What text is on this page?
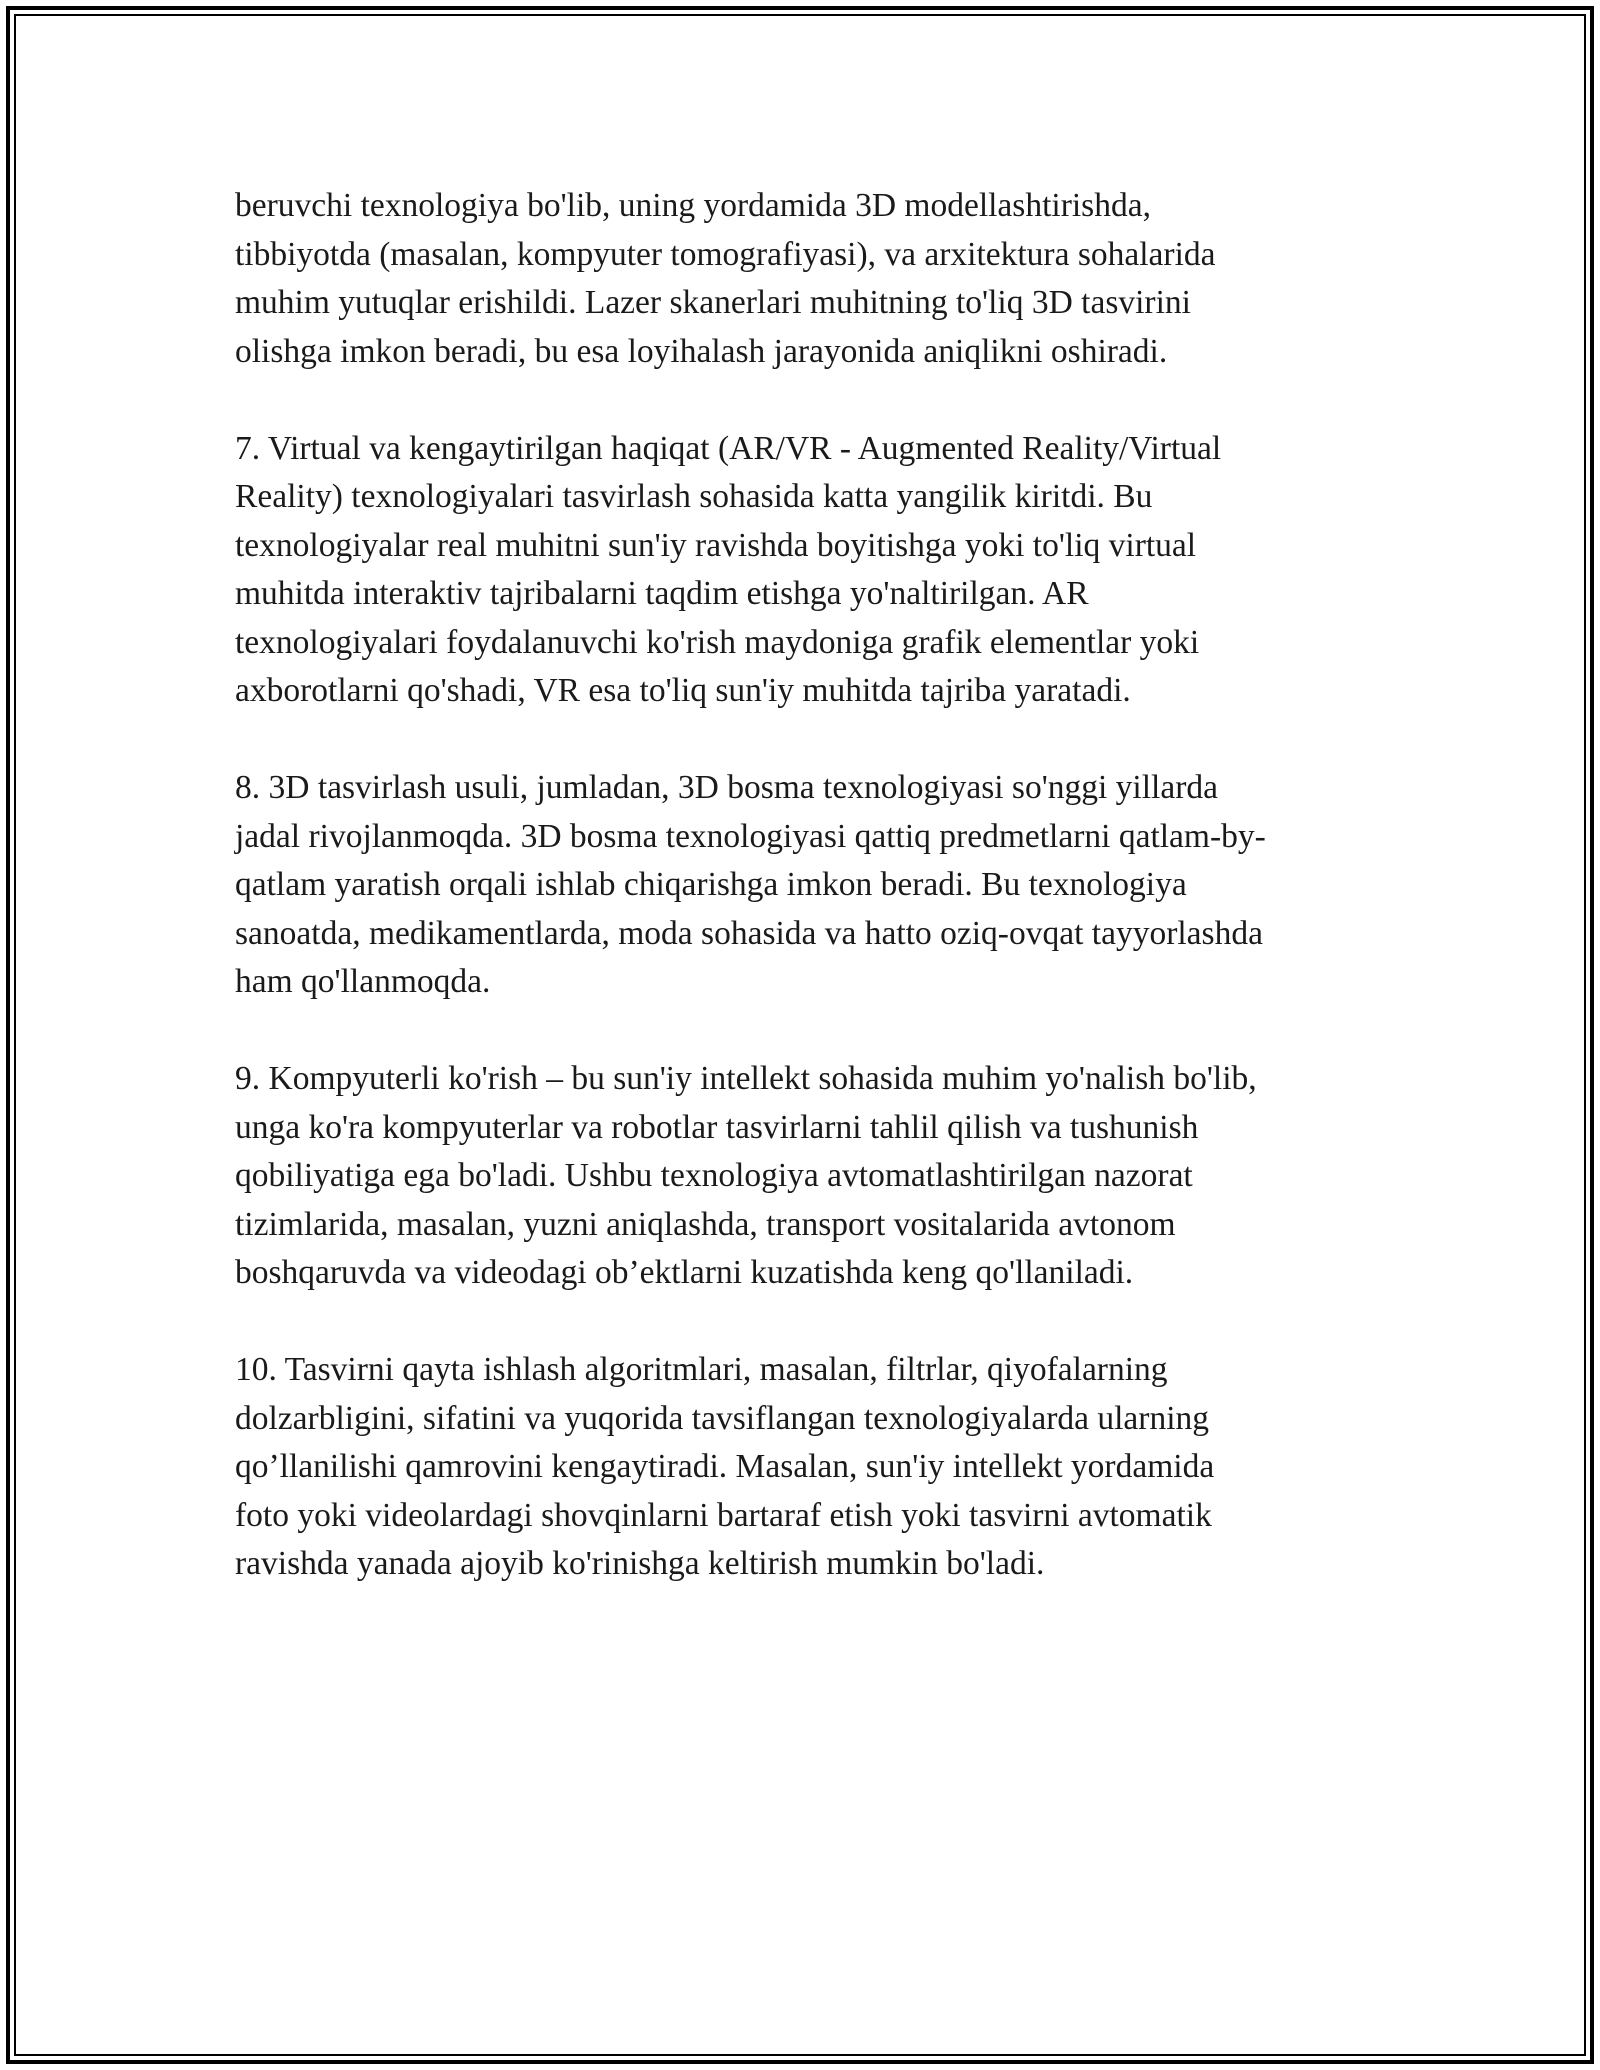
beruvchi texnologiya bo'lib, uning yordamida 3D modellashtirishda,
tibbiyotda (masalan, kompyuter tomografiyasi), va arxitektura sohalarida
muhim yutuqlar erishildi. Lazer skanerlari muhitning to'liq 3D tasvirini
olishga imkon beradi, bu esa loyihalash jarayonida aniqlikni oshiradi.

7. Virtual va kengaytirilgan haqiqat (AR/VR - Augmented Reality/Virtual
Reality) texnologiyalari tasvirlash sohasida katta yangilik kiritdi. Bu
texnologiyalar real muhitni sun'iy ravishda boyitishga yoki to'liq virtual
muhitda interaktiv tajribalarni taqdim etishga yo'naltirilgan. AR
texnologiyalari foydalanuvchi ko'rish maydoniga grafik elementlar yoki
axborotlarni qo'shadi, VR esa to'liq sun'iy muhitda tajriba yaratadi.

8. 3D tasvirlash usuli, jumladan, 3D bosma texnologiyasi so'nggi yillarda
jadal rivojlanmoqda. 3D bosma texnologiyasi qattiq predmetlarni qatlam-by-
qatlam yaratish orqali ishlab chiqarishga imkon beradi. Bu texnologiya
sanoatda, medikamentlarda, moda sohasida va hatto oziq-ovqat tayyorlashda
ham qo'llanmoqda.

9. Kompyuterli ko'rish – bu sun'iy intellekt sohasida muhim yo'nalish bo'lib,
unga ko'ra kompyuterlar va robotlar tasvirlarni tahlil qilish va tushunish
qobiliyatiga ega bo'ladi. Ushbu texnologiya avtomatlashtirilgan nazorat
tizimlarida, masalan, yuzni aniqlashda, transport vositalarida avtonom
boshqaruvda va videodagi ob’ektlarni kuzatishda keng qo'llaniladi.

10. Tasvirni qayta ishlash algoritmlari, masalan, filtrlar, qiyofalarning
dolzarbligini, sifatini va yuqorida tavsiflangan texnologiyalarda ularning
qo’llanilishi qamrovini kengaytiradi. Masalan, sun'iy intellekt yordamida
foto yoki videolardagi shovqinlarni bartaraf etish yoki tasvirni avtomatik
ravishda yanada ajoyib ko'rinishga keltirish mumkin bo'ladi.
